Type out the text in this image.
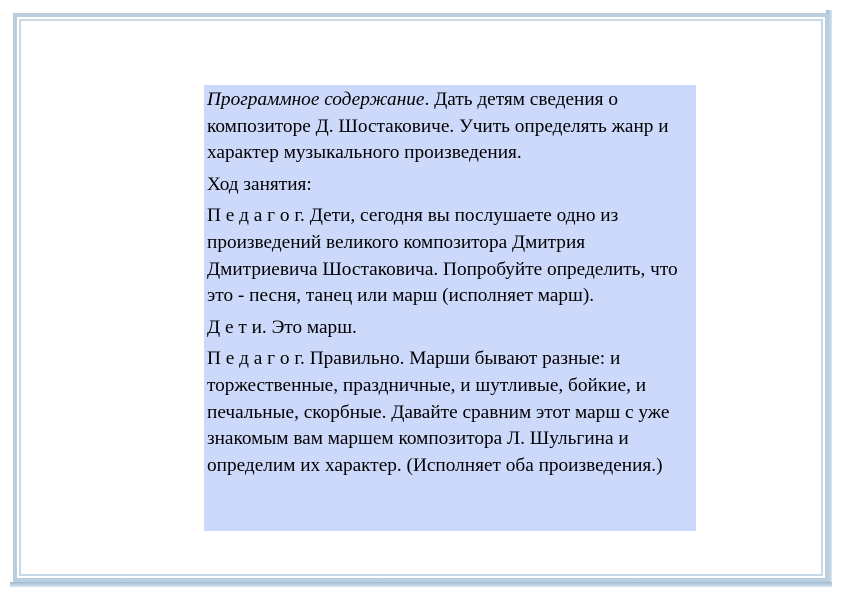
Программное содержание. Дать детям сведения о композиторе Д. Шостаковиче. Учить определять жанр и характер музыкального произведения.

Ход занятия:

П е д а г о г. Дети, сегодня вы послушаете одно из произведений великого композитора Дмитрия Дмитриевича Шостаковича. Попробуйте определить, что это - песня, танец или марш (исполняет марш).

Д е т и. Это марш.

П е д а г о г. Правильно. Марши бывают разные: и торжественные, праздничные, и шутливые, бойкие, и печальные, скорбные. Давайте сравним этот марш с уже знакомым вам маршем композитора Л. Шульгина и определим их характер. (Исполняет оба произведения.)
